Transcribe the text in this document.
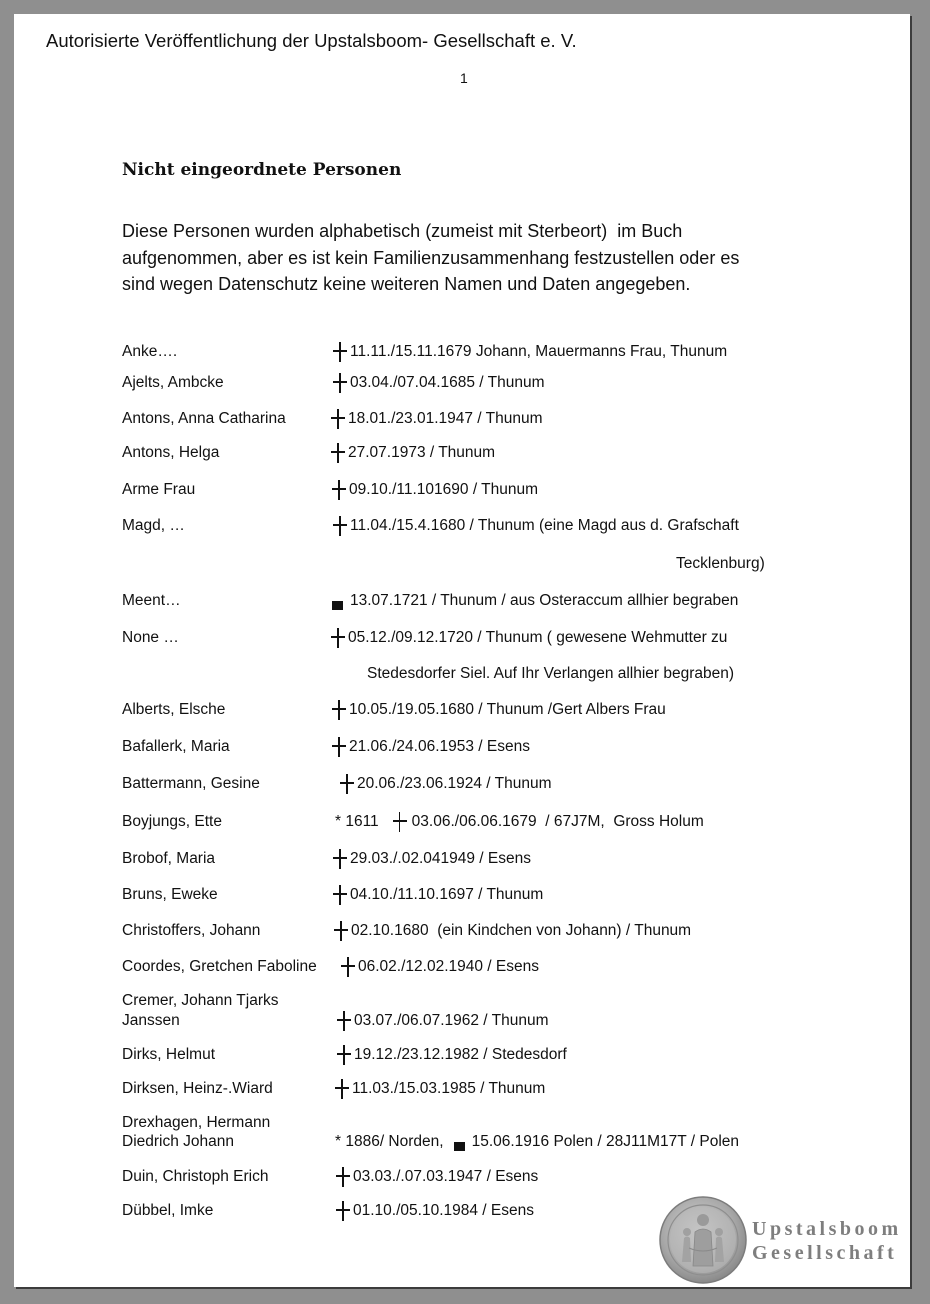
Autorisierte Veröffentlichung der Upstalsboom- Gesellschaft e. V.
1
Nicht eingeordnete Personen
Diese Personen wurden alphabetisch (zumeist mit Sterbeort)  im Buch
aufgenommen, aber es ist kein Familienzusammenhang festzustellen oder es
sind wegen Datenschutz keine weiteren Namen und Daten angegeben.
Anke….	11.11./15.11.1679 Johann, Mauermanns Frau, Thunum
Ajelts, Ambcke	03.04./07.04.1685 / Thunum
Antons, Anna Catharina	18.01./23.01.1947 / Thunum
Antons, Helga	27.07.1973 / Thunum
Arme Frau	09.10./11.101690 / Thunum
Magd, …	11.04./15.4.1680 / Thunum (eine Magd aus d. Grafschaft
Tecklenburg)
Meent…	13.07.1721 / Thunum / aus Osteraccum allhier begraben
None …	05.12./09.12.1720 / Thunum ( gewesene Wehmutter zu
Stedesdorfer Siel. Auf Ihr Verlangen allhier begraben)
Alberts, Elsche	10.05./19.05.1680 / Thunum /Gert Albers Frau
Bafallerk, Maria	21.06./24.06.1953 / Esens
Battermann, Gesine	20.06./23.06.1924 / Thunum
Boyjungs, Ette	* 1611 03.06./06.06.1679  / 67J7M,  Gross Holum
Brobof, Maria	29.03./.02.041949 / Esens
Bruns, Eweke	04.10./11.10.1697 / Thunum
Christoffers, Johann	02.10.1680  (ein Kindchen von Johann) / Thunum
Coordes, Gretchen Faboline	06.02./12.02.1940 / Esens
Cremer, Johann Tjarks
Janssen	03.07./06.07.1962 / Thunum
Dirks, Helmut	19.12./23.12.1982 / Stedesdorf
Dirksen, Heinz-.Wiard	11.03./15.03.1985 / Thunum
Drexhagen, Hermann
Diedrich Johann	* 1886/ Norden, 15.06.1916 Polen / 28J11M17T / Polen
Duin, Christoph Erich	03.03./.07.03.1947 / Esens
Dübbel, Imke	01.10./05.10.1984 / Esens
Upstalsboom
Gesellschaft
